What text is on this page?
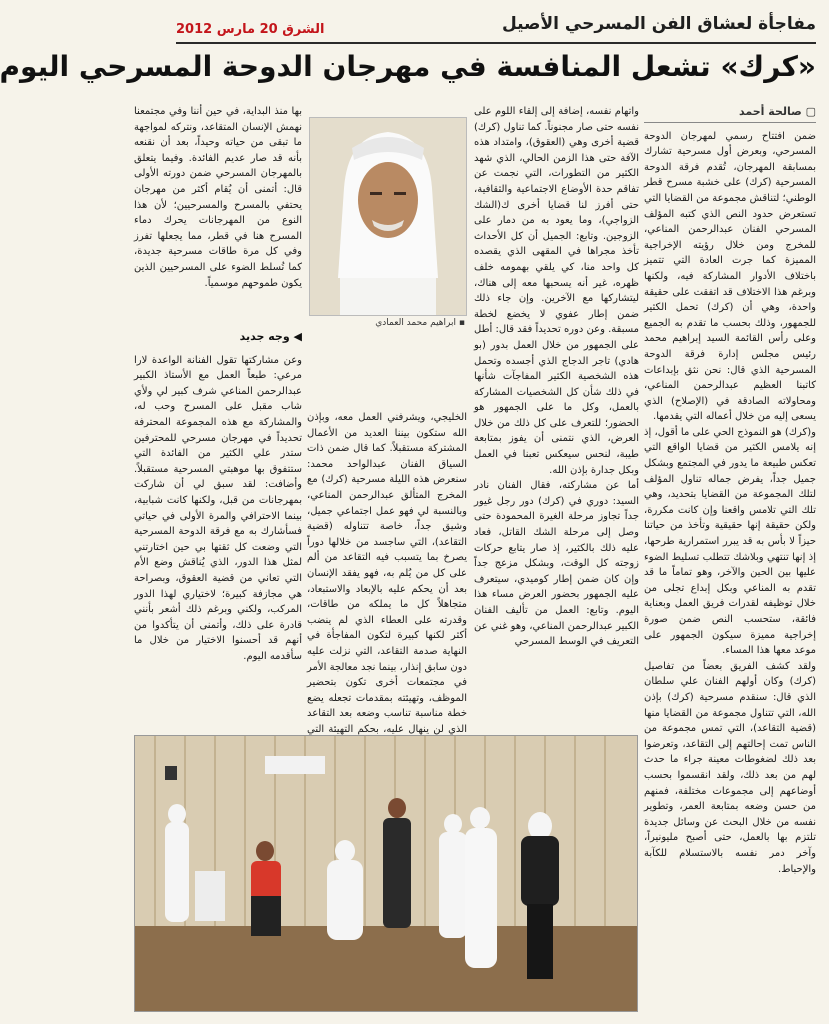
مفاجأة لعشاق الفن المسرحي الأصيل
الشرق 20 مارس 2012
«كرك» تشعل المنافسة في مهرجان الدوحة المسرحي اليوم
▢ صالحة أحمد

ضمن افتتاح رسمي لمهرجان الدوحة المسرحي، وبعرض أول مسرحية تشارك بمسابقة المهرجان، تُقدم فرقة الدوحة المسرحية (كرك) على خشبة مسرح قطر الوطني؛ لتناقش مجموعة من القضايا التي تستعرض حدود النص الذي كتبه المؤلف المسرحي الفنان عبدالرحمن المناعي، للمخرج ومن خلال رؤيته الإخراجية المميزة كما جرت العادة التي تتميز باختلاف الأدوار المشاركة فيه، ولكنها وبرغم هذا الاختلاف قد اتفقت على حقيقة واحدة، وهي أن (كرك) تحمل الكثير للجمهور، وذلك بحسب ما تقدم به الجميع وعلى رأس القائمة السيد إبراهيم محمد رئيس مجلس إدارة فرقة الدوحة المسرحية الذي قال: نحن نثق بإبداعات كاتبنا العظيم عبدالرحمن المناعي، ومحاولاته الصادقة في (الإصلاح) الذي يسعى إليه من خلال أعماله التي يقدمها.

و(كرك) هو النموذج الحي على ما أقول، إذ إنه يلامس الكثير من قضايا الواقع التي تعكس طبيعة ما يدور في المجتمع وبشكل جميل جداً، يفرض جماله تناول المؤلف لتلك المجموعة من القضايا بتحديد، وهي تلك التي تلامس واقعنا وإن كانت مكررة، ولكن حقيقة إنها حقيقية وتأخذ من حياتنا حيزاً لا بأس به قد يبرر استمرارية طرحها، إذ إنها تنتهي وبلاشك تتطلب تسليط الضوء عليها بين الحين والآخر، وهو تماماً ما قد تقدم به المناعي وبكل إبداع تجلى من خلال توظيفه لقدرات فريق العمل وبعناية فائقة، ستحسب النص ضمن صورة إخراجية مميزة سيكون الجمهور على موعد معها هذا المساء.

ولقد كشف الفريق بعضاً من تفاصيل (كرك) وكان أولهم الفنان علي سلطان الذي قال: سنقدم مسرحية (كرك) بإذن الله، التي تتناول مجموعة من القضايا منها (قضية التقاعد)، التي تمس مجموعة من الناس تمت إحالتهم إلى التقاعد، وتعرضوا بعد ذلك لضغوطات معينة جراء ما حدث لهم من بعد ذلك، ولقد انقسموا بحسب أوضاعهم إلى مجموعات مختلفة، فمنهم من حسن وضعه بمتابعة العمر، وتطوير نفسه من خلال البحث عن وسائل جديدة تلتزم بها بالعمل، حتى أصبح مليونيراً، وآخر دمر نفسه بالاستسلام للكآبة والإحباط.

واتهام نفسه، إضافة إلى إلقاء اللوم على نفسه حتى صار مجنوناً. كما تناول (كرك) قضية أخرى وهي (العقوق)، وامتداد هذه الآفة حتى هذا الزمن الحالي، الذي شهد الكثير من التطورات، التي نجمت عن تفاقم حدة الأوضاع الاجتماعية والثقافية، حتى أفرز لنا قضايا أخرى ك(الشك الزواجي)، وما يعود به من دمار على الزوجين. وتابع: الجميل أن كل الأحداث تأخذ مجراها في المقهى الذي يقصده كل واحد منا، كي يلقي بهمومه خلف ظهره، غير أنه يسحبها معه إلى هناك، ليتشاركها مع الآخرين. وإن جاء ذلك ضمن إطار عفوي لا يخضع لخطة مسبقة. وعن دوره تحديداً فقد قال: أطل على الجمهور من خلال العمل بدور (بو هادي) تاجر الدجاج الذي أجسده وتحمل هذه الشخصية الكثير المفاجآت شأنها في ذلك شأن كل الشخصيات المشاركة بالعمل، وكل ما على الجمهور هو الحضور؛ للتعرف على كل ذلك من خلال العرض، الذي نتمنى أن يفوز بمتابعة طيبة، لنحس سيعكس تعبنا في العمل وبكل جدارة بإذن الله.

أما عن مشاركته، فقال الفنان نادر السيد: دوري في (كرك) دور رجل غيور جداً تجاوز مرحلة الغيرة المحمودة حتى وصل إلى مرحلة الشك القاتل، فعاد عليه ذلك بالكثير، إذ صار يتابع حركات زوجته كل الوقت، وبشكل مزعج جداً وإن كان ضمن إطار كوميدي، سيتعرف عليه الجمهور بحضور العرض مساء هذا اليوم. وتابع: العمل من تأليف الفنان الكبير عبدالرحمن المناعي، وهو غني عن التعريف في الوسط المسرحي

▪ ابراهيم محمد العمادي

الخليجي، ويشرفني العمل معه، وبإذن الله ستكون بيننا العديد من الأعمال المشتركة مستقبلاً. كما قال ضمن ذات السياق الفنان عبدالواحد محمد: سنعرض هذه الليلة مسرحية (كرك) مع المخرج المتألق عبدالرحمن المناعي، وبالنسبة لي فهو عمل اجتماعي جميل، وشيق جداً، خاصة تتناوله (قضية التقاعد)، التي ساجسد من خلالها دوراً يصرخ بما يتسبب فيه التقاعد من ألم على كل من يُلم به، فهو يفقد الإنسان بعد أن يحكم عليه بالإبعاد والاستبعاد، متجاهلاً كل ما يملكه من طاقات، وقدرته على العطاء الذي لم ينضب أكثر لكنها كبيرة لتكون المفاجأة في النهاية صدمة التقاعد، التي نزلت عليه دون سابق إنذار، بينما نجد معالجة الأمر في مجتمعات أخرى تكون بتحضير الموظف، وتهيئته بمقدمات تجعله يضع خطة مناسبة تناسب وضعه بعد التقاعد الذي لن ينهال عليه، بحكم التهيئة التي

بها منذ البداية، في حين أننا وفي مجتمعنا نهمش الإنسان المتقاعد، ونتركه لمواجهة ما تبقى من حياته وحيداً، بعد أن نقنعه بأنه قد صار عديم الفائدة. وفيما يتعلق بالمهرجان المسرحي ضمن دورته الأولى قال: أتمنى أن يُقام أكثر من مهرجان يحتفي بالمسرح والمسرحيين؛ لأن هذا النوع من المهرجانات يحرك دماء المسرح هنا في قطر، مما يجعلها تفرز وفي كل مرة طاقات مسرحية جديدة، كما تُسلط الضوء على المسرحيين الذين يكون طموحهم موسمياً.

◀ وجه جديد

وعن مشاركتها تقول الفنانة الواعدة لارا مرعي: طبعاً العمل مع الأستاذ الكبير عبدالرحمن المناعي شرف كبير لي ولأي شاب مقبل على المسرح وحب له، والمشاركة مع هذه المجموعة المحترفة تحديداً في مهرجان مسرحي للمحترفين ستدر علي الكثير من الفائدة التي ستتفوق بها موهبتي المسرحية مستقبلاً. وأضافت: لقد سبق لي أن شاركت بمهرجانات من قبل، ولكنها كانت شبابية، بينما الاحترافي والمرة الأولى في حياتي فسأشارك به مع فرقة الدوحة المسرحية التي وضعت كل ثقتها بي حين اختارتني لمثل هذا الدور، الذي يُناقش وضع الأم التي تعاني من قضية العقوق، وبصراحة هي مجازفة كبيرة؛ لاختياري لهذا الدور المركب، ولكني وبرغم ذلك أشعر بأنني قادرة على ذلك، وأتمنى أن يتأكدوا من أنهم قد أحسنوا الاختيار من خلال ما سأقدمه اليوم.
